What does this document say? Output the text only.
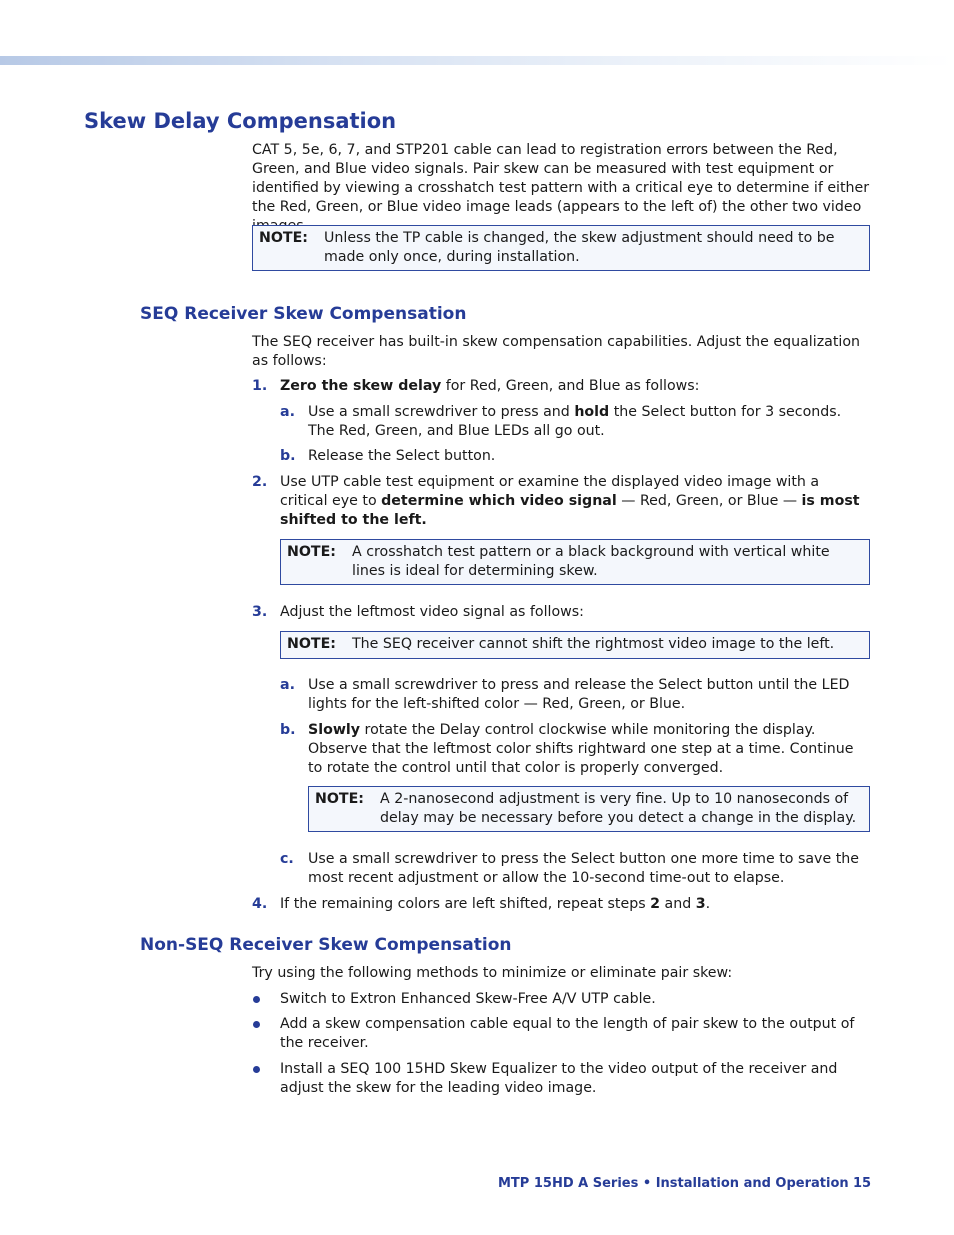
Skew Delay Compensation

CAT 5, 5e, 6, 7, and STP201 cable can lead to registration errors between the Red, Green, and Blue video signals. Pair skew can be measured with test equipment or identified by viewing a crosshatch test pattern with a critical eye to determine if either the Red, Green, or Blue video image leads (appears to the left of) the other two video

NOTE: Unless the TP cable is changed, the skew adjustment should need to be made only once, during installation.
SEQ Receiver Skew Compensation

The SEQ receiver has built-in skew compensation capabilities. Adjust the equalization as follows:

1. Zero the skew delay for Red, Green, and Blue as follows:

a. Use a small screwdriver to press and hold the Select button for 3 seconds. The Red, Green, and Blue LEDs all go out.

b. Release the Select button.

2. Use UTP cable test equipment or examine the displayed video image with a critical eye to determine which video signal — Red, Green, or Blue — is most shifted to the left.

NOTE: A crosshatch test pattern or a black background with vertical white lines is ideal for determining skew.
3. Adjust the leftmost video signal as follows:

NOTE: The SEQ receiver cannot shift the rightmost video image to the left.
a. Use a small screwdriver to press and release the Select button until the LED lights for the left-shifted color — Red, Green, or Blue.

b. Slowly rotate the Delay control clockwise while monitoring the display.
Observe that the leftmost color shifts rightward one step at a time. Continue to rotate the control until that color is properly converged.

NOTE: A 2-nanosecond adjustment is very fine. Up to 10 nanoseconds of delay may be necessary before you detect a change in the display.
c. Use a small screwdriver to press the Select button one more time to save the most recent adjustment or allow the 10-second time-out to elapse.

4. If the remaining colors are left shifted, repeat steps 2 and 3.

Non-SEQ Receiver Skew Compensation

Try using the following methods to minimize or eliminate pair skew:

Switch to Extron Enhanced Skew-Free A/V UTP cable.

Add a skew compensation cable equal to the length of pair skew to the output of the receiver.

Install a SEQ 100 15HD Skew Equalizer to the video output of the receiver and adjust the skew for the leading video image.

MTP 15HD A Series • Installation and Operation 15
